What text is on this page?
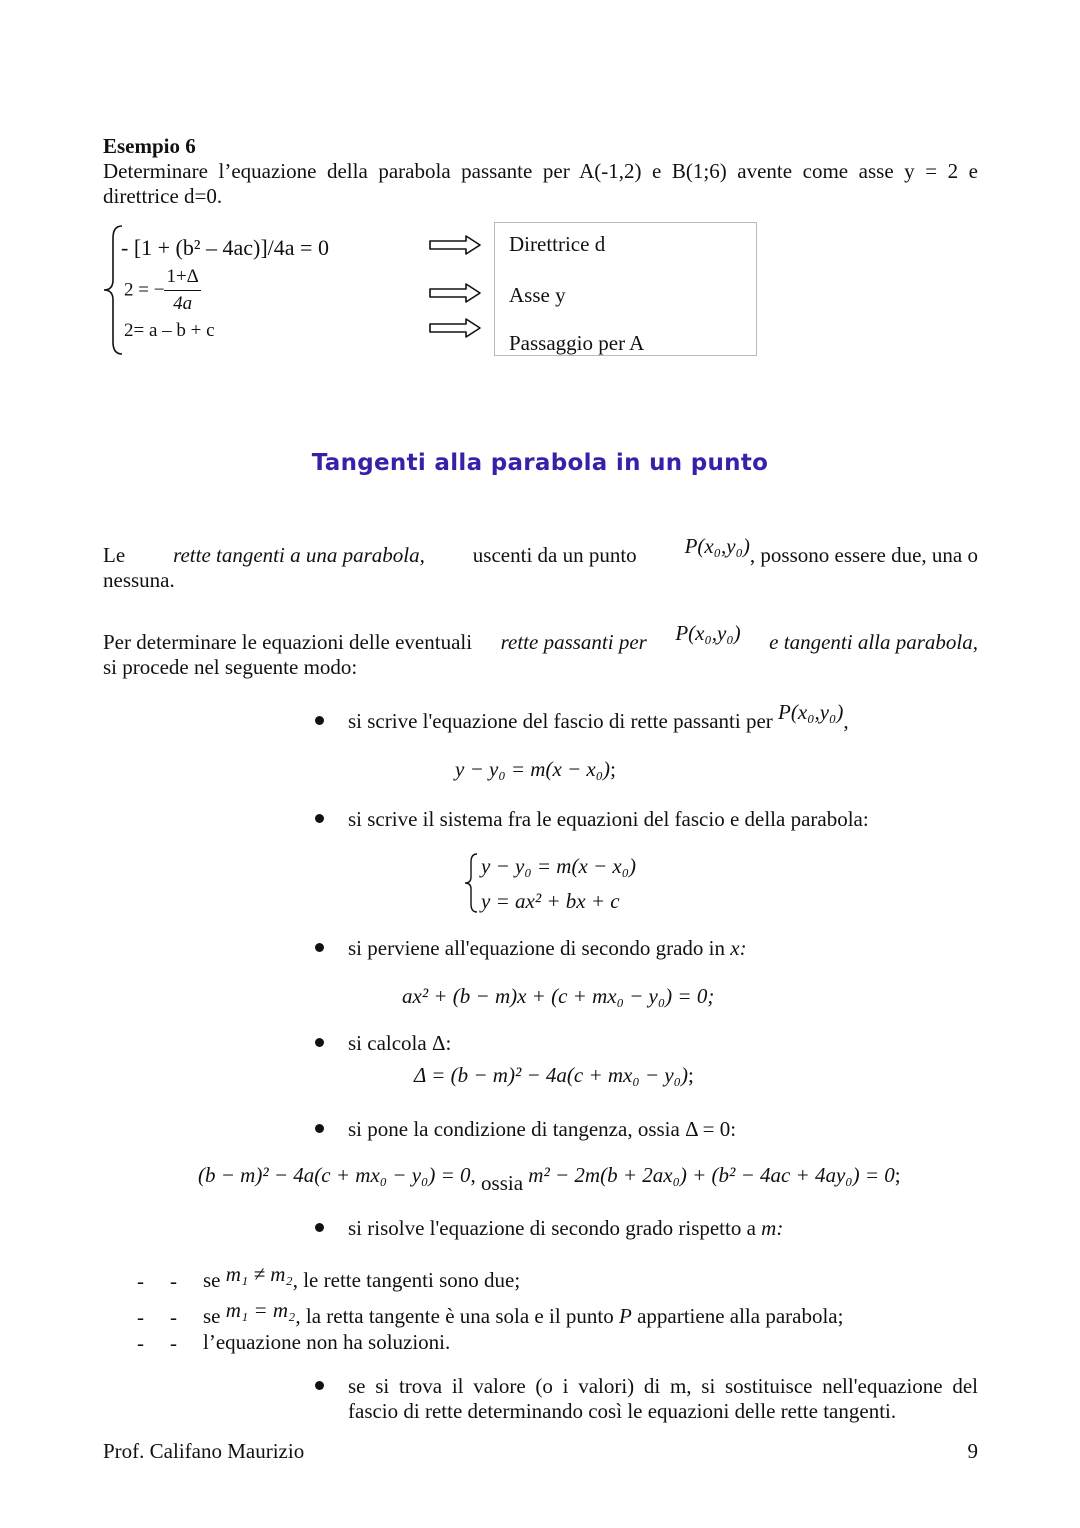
Esempio 6
Determinare l’equazione della parabola passante per A(-1,2) e B(1;6) avente come asse y = 2 e
direttrice d=0.
- [1 + (b² – 4ac)]/4a = 0
2 = − $\frac{1+\Delta}{4a}$
2= a – b + c
Direttrice d
Asse y
Passaggio per A
Tangenti alla parabola in un punto
Le rette tangenti a una parabola, uscenti da un punto P(x₀,y₀), possono essere due, una o
nessuna.
Per determinare le equazioni delle eventuali rette passanti per P(x₀,y₀) e tangenti alla parabola,
si procede nel seguente modo:
si scrive l'equazione del fascio di rette passanti per P(x₀,y₀),
y − y₀ = m(x − x₀);
si scrive il sistema fra le equazioni del fascio e della parabola:
y − y₀ = m(x − x₀)
y = ax² + bx + c
si perviene all'equazione di secondo grado in x:
ax² + (b − m)x + (c + mx₀ − y₀) = 0;
si calcola Δ:
Δ = (b − m)² − 4a(c + mx₀ − y₀);
si pone la condizione di tangenza, ossia Δ = 0:
(b − m)² − 4a(c + mx₀ − y₀) = 0, ossia m² − 2m(b + 2ax₀) + (b² − 4ac + 4ay₀) = 0;
si risolve l'equazione di secondo grado rispetto a m:
- - se m₁ ≠ m₂, le rette tangenti sono due;
- - se m₁ = m₂, la retta tangente è una sola e il punto P appartiene alla parabola;
- - l’equazione non ha soluzioni.
se si trova il valore (o i valori) di m, si sostituisce nell'equazione del
fascio di rette determinando così le equazioni delle rette tangenti.
Prof. Califano Maurizio	9
